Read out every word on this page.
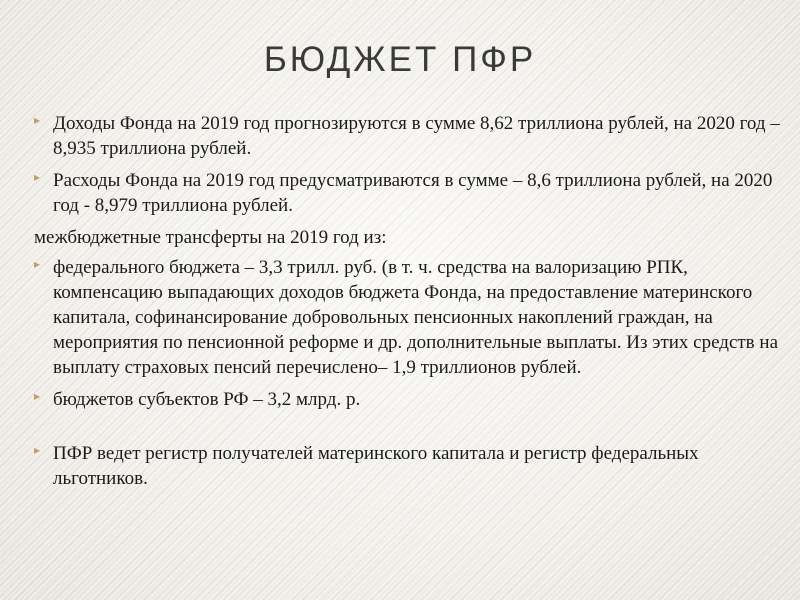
БЮДЖЕТ ПФР

▸ Доходы Фонда на 2019 год прогнозируются в сумме 8,62 триллиона рублей, на 2020 год – 8,935 триллиона рублей.

▸ Расходы Фонда на 2019 год предусматриваются в сумме – 8,6 триллиона рублей, на 2020 год - 8,979 триллиона рублей.

межбюджетные трансферты на 2019 год из:

▸ федерального бюджета – 3,3 трилл. руб. (в т. ч. средства на валоризацию РПК, компенсацию выпадающих доходов бюджета Фонда, на предоставление материнского капитала, софинансирование добровольных пенсионных накоплений граждан, на мероприятия по пенсионной реформе и др. дополнительные выплаты. Из этих средств на выплату страховых пенсий перечислено– 1,9 триллионов рублей.

▸ бюджетов субъектов РФ – 3,2 млрд. р.

▸ ПФР ведет регистр получателей материнского капитала и регистр федеральных льготников.
